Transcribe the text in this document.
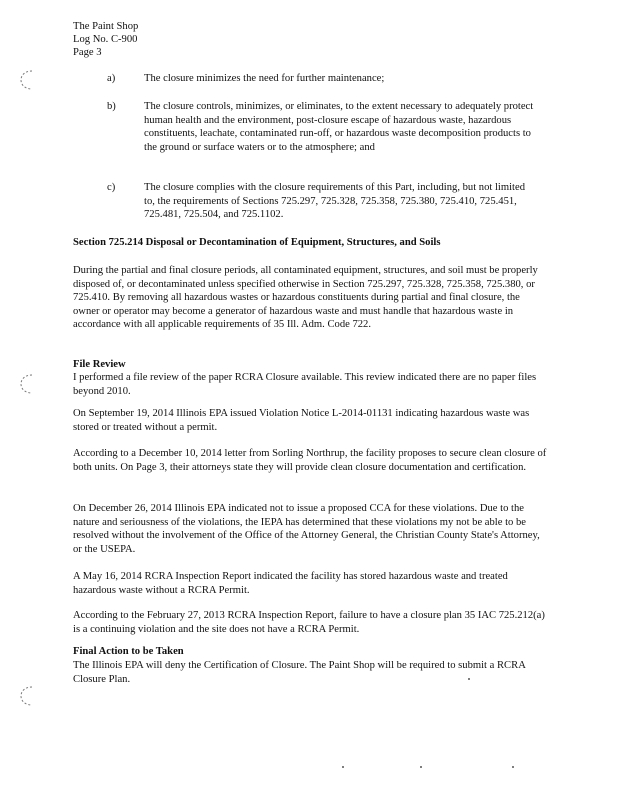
The Paint Shop
Log No. C-900
Page 3
a)	The closure minimizes the need for further maintenance;
b)	The closure controls, minimizes, or eliminates, to the extent necessary to adequately protect human health and the environment, post-closure escape of hazardous waste, hazardous constituents, leachate, contaminated run-off, or hazardous waste decomposition products to the ground or surface waters or to the atmosphere; and
c)	The closure complies with the closure requirements of this Part, including, but not limited to, the requirements of Sections 725.297, 725.328, 725.358, 725.380, 725.410, 725.451, 725.481, 725.504, and 725.1102.
Section 725.214 Disposal or Decontamination of Equipment, Structures, and Soils
During the partial and final closure periods, all contaminated equipment, structures, and soil must be properly disposed of, or decontaminated unless specified otherwise in Section 725.297, 725.328, 725.358, 725.380, or 725.410. By removing all hazardous wastes or hazardous constituents during partial and final closure, the owner or operator may become a generator of hazardous waste and must handle that hazardous waste in accordance with all applicable requirements of 35 Ill. Adm. Code 722.
File Review
I performed a file review of the paper RCRA Closure available. This review indicated there are no paper files beyond 2010.
On September 19, 2014 Illinois EPA issued Violation Notice L-2014-01131 indicating hazardous waste was stored or treated without a permit.
According to a December 10, 2014 letter from Sorling Northrup, the facility proposes to secure clean closure of both units. On Page 3, their attorneys state they will provide clean closure documentation and certification.
On December 26, 2014 Illinois EPA indicated not to issue a proposed CCA for these violations. Due to the nature and seriousness of the violations, the IEPA has determined that these violations my not be able to be resolved without the involvement of the Office of the Attorney General, the Christian County State's Attorney, or the USEPA.
A May 16, 2014 RCRA Inspection Report indicated the facility has stored hazardous waste and treated hazardous waste without a RCRA Permit.
According to the February 27, 2013 RCRA Inspection Report, failure to have a closure plan 35 IAC 725.212(a) is a continuing violation and the site does not have a RCRA Permit.
Final Action to be Taken
The Illinois EPA will deny the Certification of Closure. The Paint Shop will be required to submit a RCRA Closure Plan.
